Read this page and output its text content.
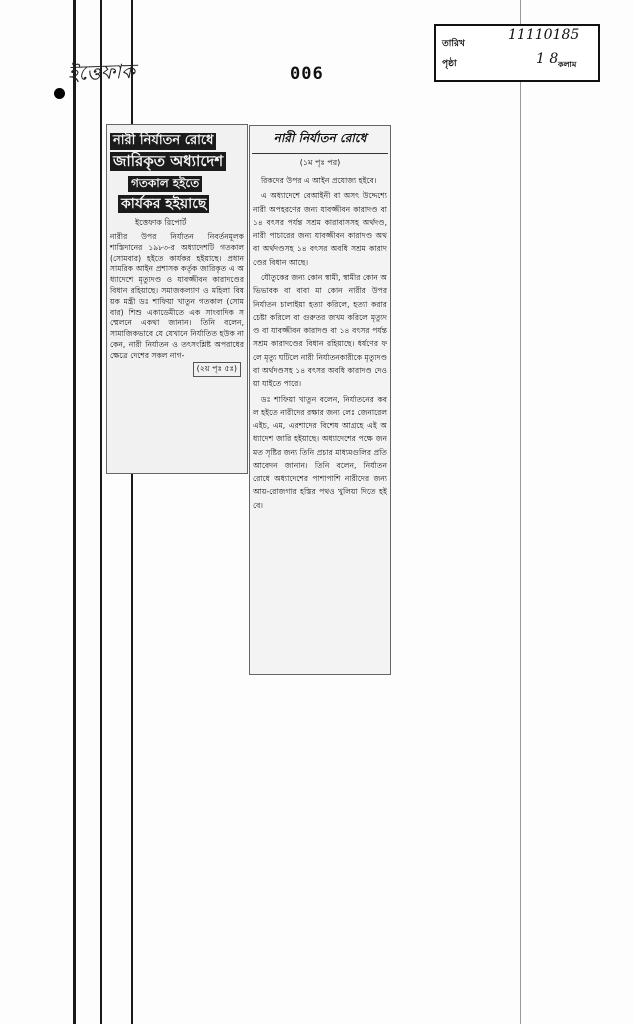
ইত্তেফাক	006
তারিখ
পৃষ্ঠা
11110185
1 8 কলাম
নারী নির্যাতন রোধে
জারিকৃত অধ্যাদেশ
গতকাল হইতে
কার্যকর হইয়াছে
ইত্তেফাক রিপোর্ট
নারীর উপর নির্যাতন নিবর্তনমূলক শাস্তিদানের ১৯৮৩-র অধ্যাদেশটি গতকাল (সোমবার) হইতে কার্যকর হইয়াছে। প্রধান সামরিক আইন প্রশাসক কর্তৃক জারিকৃত এ অধ্যাদেশে মৃত্যুদণ্ড ও যাবজ্জীবন কারাদণ্ডের বিধান রহিয়াছে। সমাজকল্যাণ ও মহিলা বিষয়ক মন্ত্রী ডঃ শাফিয়া খাতুন গতকাল (সোমবার) শিশু একাডেমীতে এক সাংবাদিক সম্মেলনে একথা জানান। তিনি বলেন, সামাজিকভাবে যে যেখানে নির্যাতিত হউক না কেন, নারী নির্যাতন ও তৎসংশ্লিষ্ট অপরাধের ক্ষেত্রে দেশের সকল নাগ-
(২য় পৃঃ ৫ঃ)
নারী নির্যাতন রোধে
(১ম পৃঃ পর)

রিকদের উপর এ আইন প্রযোজ্য হইবে।

এ অধ্যাদেশে বেআইনী বা অসৎ উদ্দেশ্যে নারী অপহরণের জন্য যাবজ্জীবন কারাদণ্ড বা ১৪ বৎসর পর্যন্ত সশ্রম কারাবাসসহ অর্থদণ্ড, নারী পাচারের জন্য যাবজ্জীবন কারাদণ্ড অথবা অর্থদণ্ডসহ ১৪ বৎসর অবধি সশ্রম কারাদণ্ডের বিধান আছে।

যৌতুকের জন্য কোন স্বামী, স্বামীর কোন অভিভাবক বা বাবা মা কোন নারীর উপর নির্যাতন চালাইয়া হত্যা করিলে, হত্যা করার চেষ্টা করিলে বা গুরুতর জখম করিলে মৃত্যুদণ্ড বা যাবজ্জীবন কারাদণ্ড বা ১৪ বৎসর পর্যন্ত সশ্রম কারাদণ্ডের বিধান রহিয়াছে। ধর্ষণের ফলে মৃত্যু ঘটিলে নারী নির্যাতনকারীকে মৃত্যুদণ্ড বা অর্থদণ্ডসহ ১৪ বৎসর অবধি কারাদণ্ড দেওয়া যাইতে পারে।

ডঃ শাফিয়া খাতুন বলেন, নির্যাতনের কবল হইতে নারীদের রক্ষার জন্য লেঃ জেনারেল এইচ, এম, এরশাদের বিশেষ আগ্রহে এই অধ্যাদেশ জারি হইয়াছে। অধ্যাদেশের পক্ষে জনমত সৃষ্টির জন্য তিনি প্রচার মাধ্যমগুলির প্রতি আবেদন জানান। তিনি বলেন, নির্যাতন রোধে অধ্যাদেশের পাশাপাশি নারীদের জন্য আয়-রোজগার হস্তির পথও খুলিয়া দিতে হইবে।
